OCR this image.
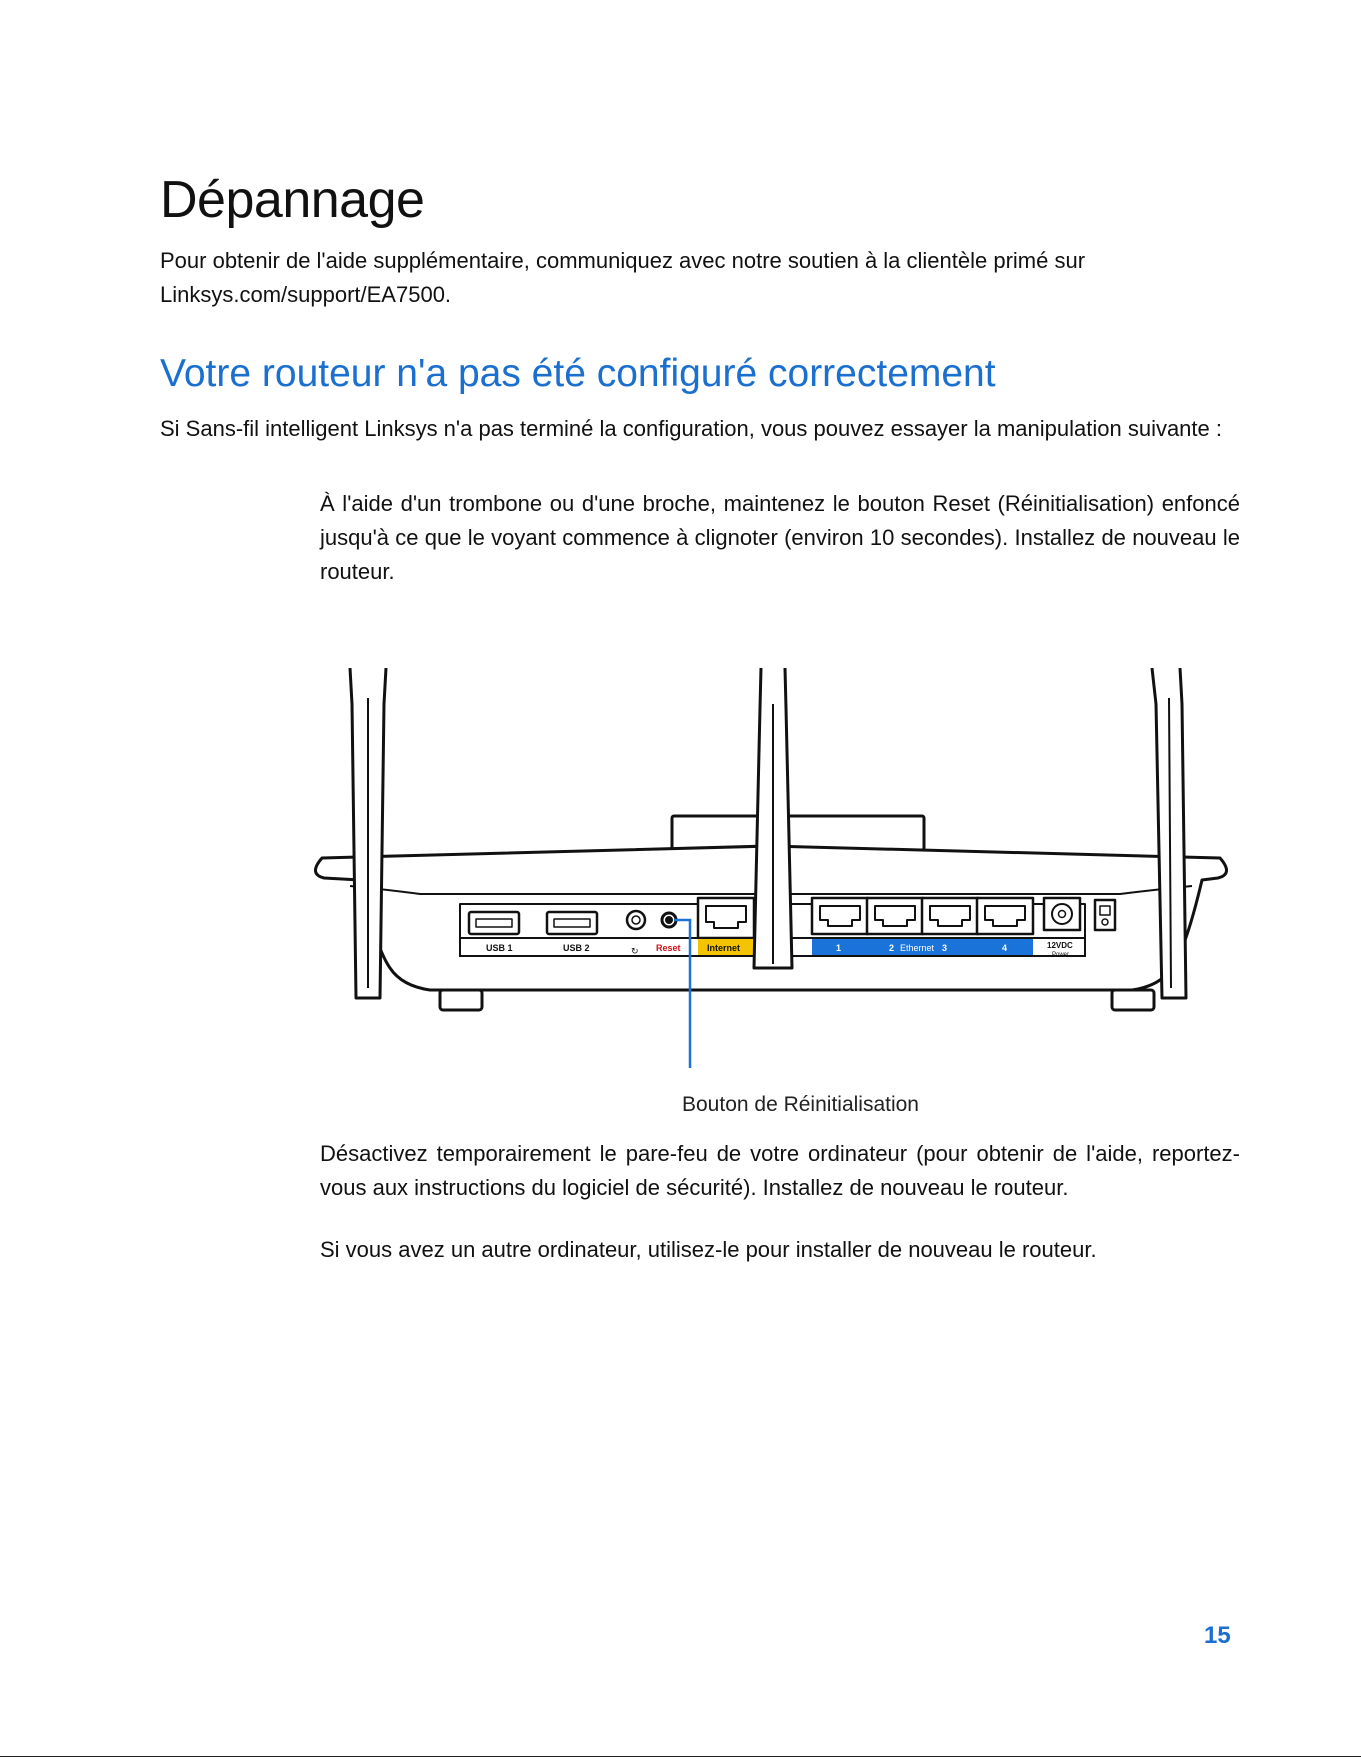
Dépannage

Pour obtenir de l'aide supplémentaire, communiquez avec notre soutien à la clientèle primé sur Linksys.com/support/EA7500.

Votre routeur n'a pas été configuré correctement

Si Sans-fil intelligent Linksys n'a pas terminé la configuration, vous pouvez essayer la manipulation suivante :

À l'aide d'un trombone ou d'une broche, maintenez le bouton Reset (Réinitialisation) enfoncé jusqu'à ce que le voyant commence à clignoter (environ 10 secondes). Installez de nouveau le routeur.

USB 1	USB 2	Reset	Internet	1	2 Ethernet 3	4	12VDC
Power
↻

Bouton de Réinitialisation

Désactivez temporairement le pare-feu de votre ordinateur (pour obtenir de l'aide, reportez-vous aux instructions du logiciel de sécurité). Installez de nouveau le routeur.

Si vous avez un autre ordinateur, utilisez-le pour installer de nouveau le routeur.

15
